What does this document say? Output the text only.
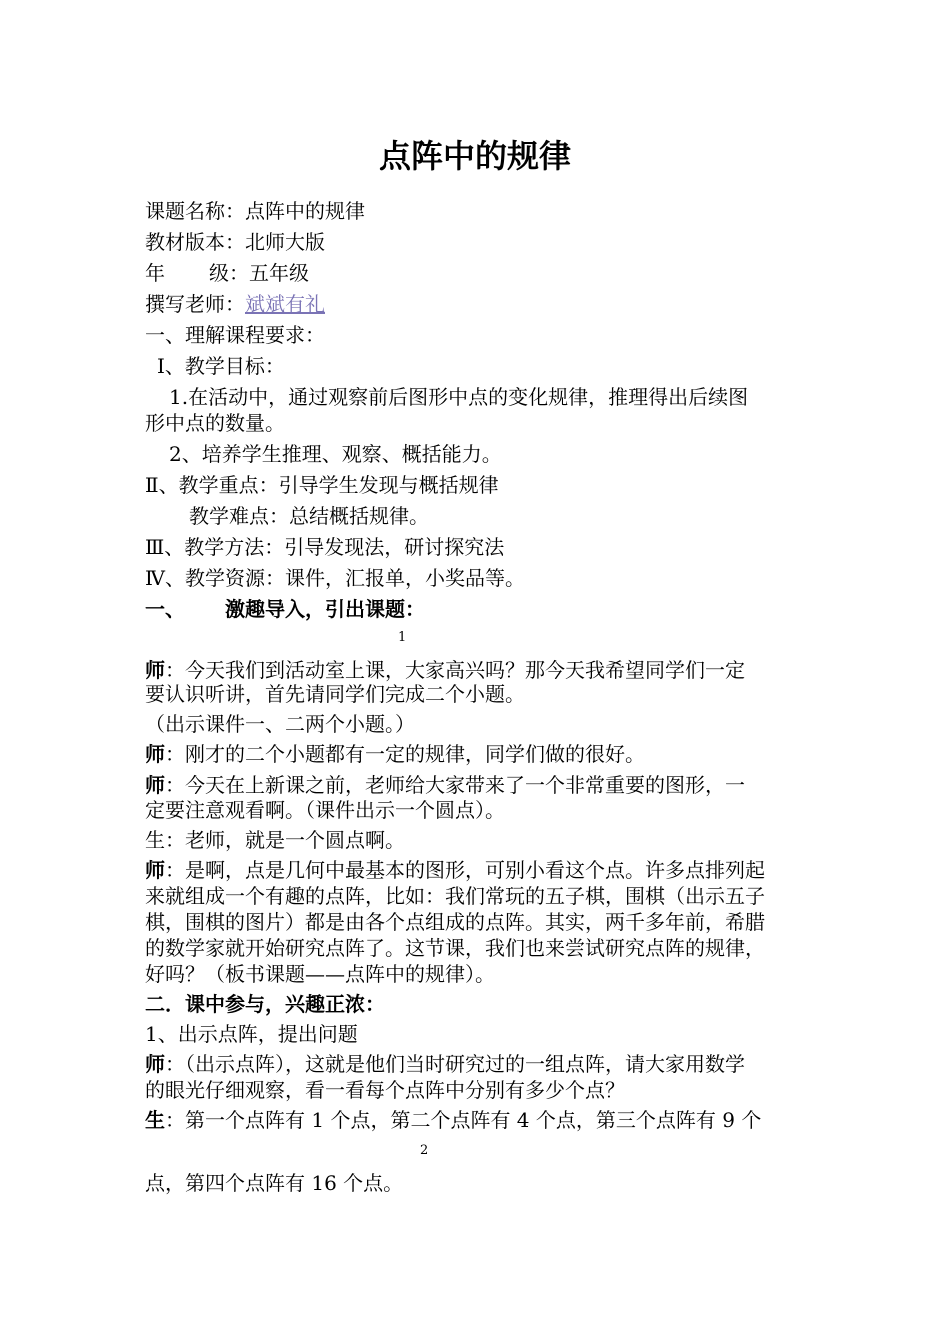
点阵中的规律
课题名称：点阵中的规律
教材版本：北师大版
年 级：五年级
撰写老师：斌斌有礼
一、理解课程要求：
Ⅰ、教学目标：
1.在活动中，通过观察前后图形中点的变化规律，推理得出后续图
形中点的数量。
2、培养学生推理、观察、概括能力。
Ⅱ、教学重点：引导学生发现与概括规律
教学难点：总结概括规律。
Ⅲ、教学方法：引导发现法，研讨探究法
Ⅳ、教学资源：课件，汇报单，小奖品等。
一、 激趣导入，引出课题：
1
师：今天我们到活动室上课，大家高兴吗？那今天我希望同学们一定
要认识听讲，首先请同学们完成二个小题。
（出示课件一、二两个小题。）
师：刚才的二个小题都有一定的规律，同学们做的很好。
师：今天在上新课之前，老师给大家带来了一个非常重要的图形，一
定要注意观看啊。（课件出示一个圆点）。
生：老师，就是一个圆点啊。
师：是啊，点是几何中最基本的图形，可别小看这个点。许多点排列起
来就组成一个有趣的点阵，比如：我们常玩的五子棋，围棋（出示五子
棋，围棋的图片）都是由各个点组成的点阵。其实，两千多年前，希腊
的数学家就开始研究点阵了。这节课，我们也来尝试研究点阵的规律，
好吗？（板书课题——点阵中的规律）。
二．课中参与，兴趣正浓：
1、出示点阵，提出问题
师：（出示点阵），这就是他们当时研究过的一组点阵，请大家用数学
的眼光仔细观察，看一看每个点阵中分别有多少个点？
生：第一个点阵有 1 个点，第二个点阵有 4 个点，第三个点阵有 9 个
2
点，第四个点阵有 16 个点。
